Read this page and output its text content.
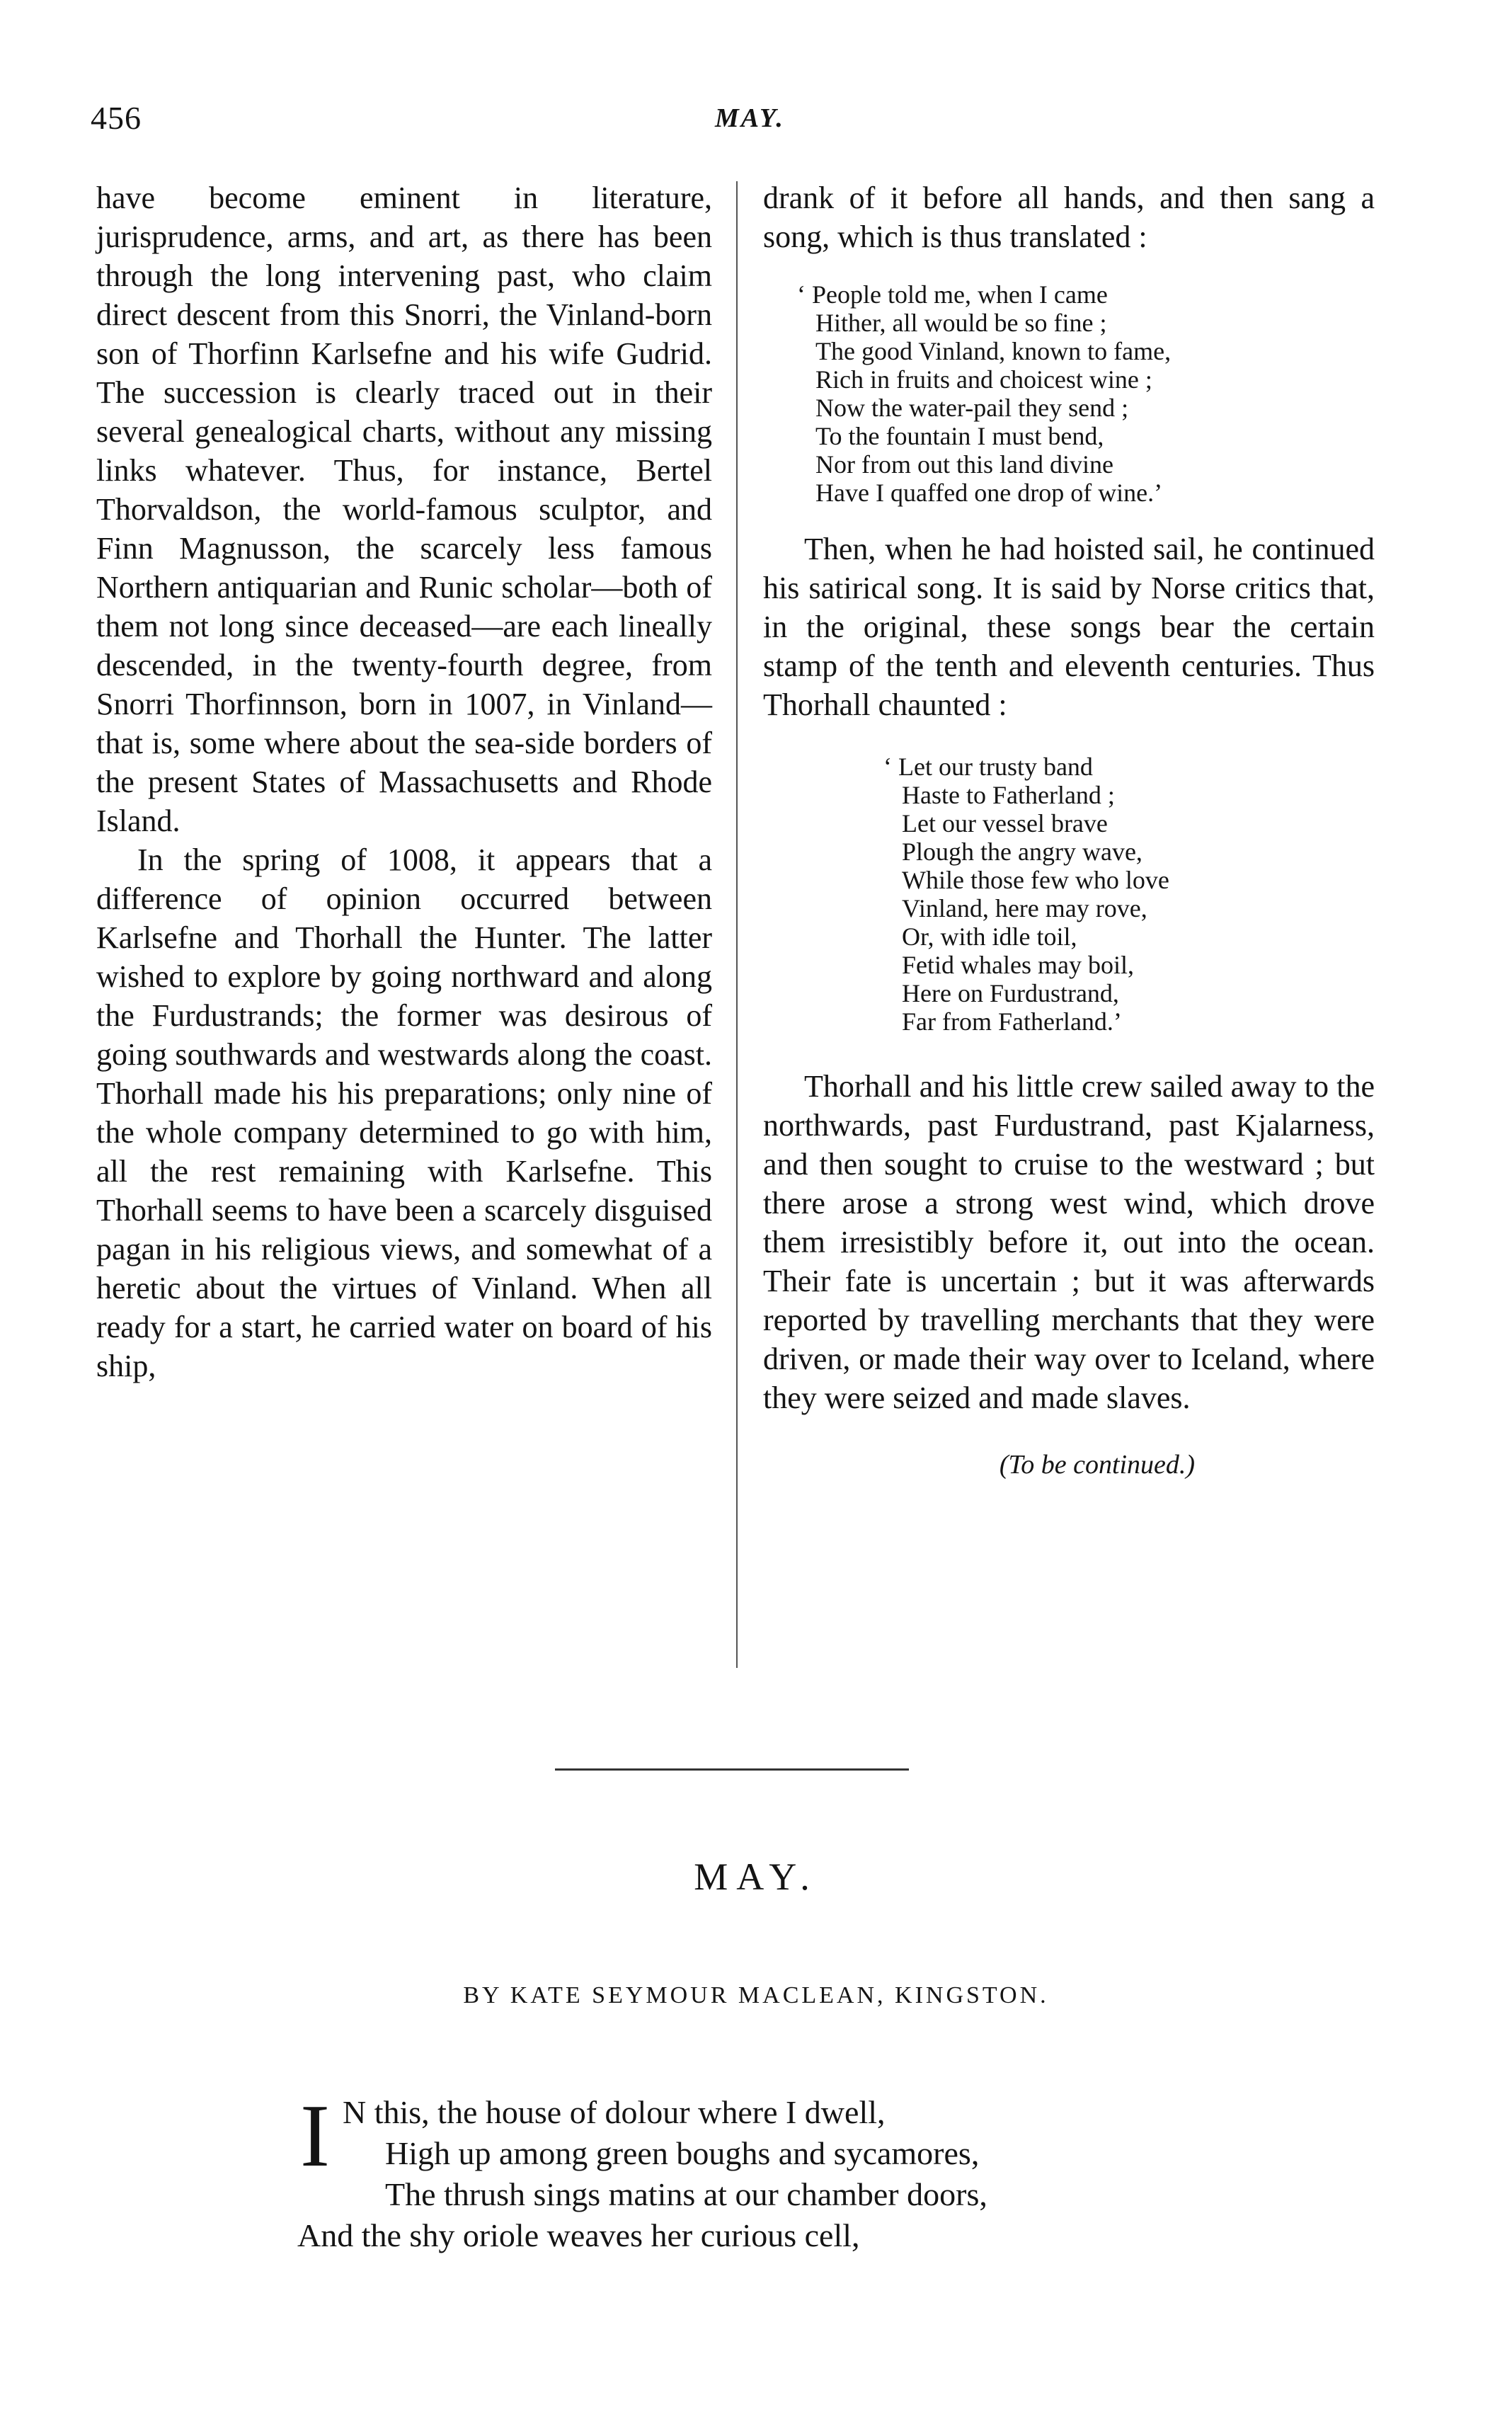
456	MAY.

have become eminent in literature, jurisprudence, arms, and art, as there has been through the long intervening past, who claim direct descent from this Snorri, the Vinland-born son of Thorfinn Karlsefne and his wife Gudrid. The succession is clearly traced out in their several genealogical charts, without any missing links whatever. Thus, for instance, Bertel Thorvaldson, the world-famous sculptor, and Finn Magnusson, the scarcely less famous Northern antiquarian and Runic scholar—both of them not long since deceased—are each lineally descended, in the twenty-fourth degree, from Snorri Thorfinnson, born in 1007, in Vinland—that is, some where about the sea-side borders of the present States of Massachusetts and Rhode Island.

In the spring of 1008, it appears that a difference of opinion occurred between Karlsefne and Thorhall the Hunter. The latter wished to explore by going northward and along the Furdustrands; the former was desirous of going southwards and westwards along the coast. Thorhall made his his preparations; only nine of the whole company determined to go with him, all the rest remaining with Karlsefne. This Thorhall seems to have been a scarcely disguised pagan in his religious views, and somewhat of a heretic about the virtues of Vinland. When all ready for a start, he carried water on board of his ship,

drank of it before all hands, and then sang a song, which is thus translated :

‘ People told me, when I came
Hither, all would be so fine ;
The good Vinland, known to fame,
Rich in fruits and choicest wine ;
Now the water-pail they send ;
To the fountain I must bend,
Nor from out this land divine
Have I quaffed one drop of wine.’

Then, when he had hoisted sail, he continued his satirical song. It is said by Norse critics that, in the original, these songs bear the certain stamp of the tenth and eleventh centuries. Thus Thorhall chaunted :

‘ Let our trusty band
Haste to Fatherland ;
Let our vessel brave
Plough the angry wave,
While those few who love
Vinland, here may rove,
Or, with idle toil,
Fetid whales may boil,
Here on Furdustrand,
Far from Fatherland.’

Thorhall and his little crew sailed away to the northwards, past Furdustrand, past Kjalarness, and then sought to cruise to the westward ; but there arose a strong west wind, which drove them irresistibly before it, out into the ocean. Their fate is uncertain ; but it was afterwards reported by travelling merchants that they were driven, or made their way over to Iceland, where they were seized and made slaves.

(To be continued.)
MAY.
BY KATE SEYMOUR MACLEAN, KINGSTON.
I N this, the house of dolour where I dwell,
High up among green boughs and sycamores,
The thrush sings matins at our chamber doors,
And the shy oriole weaves her curious cell,
